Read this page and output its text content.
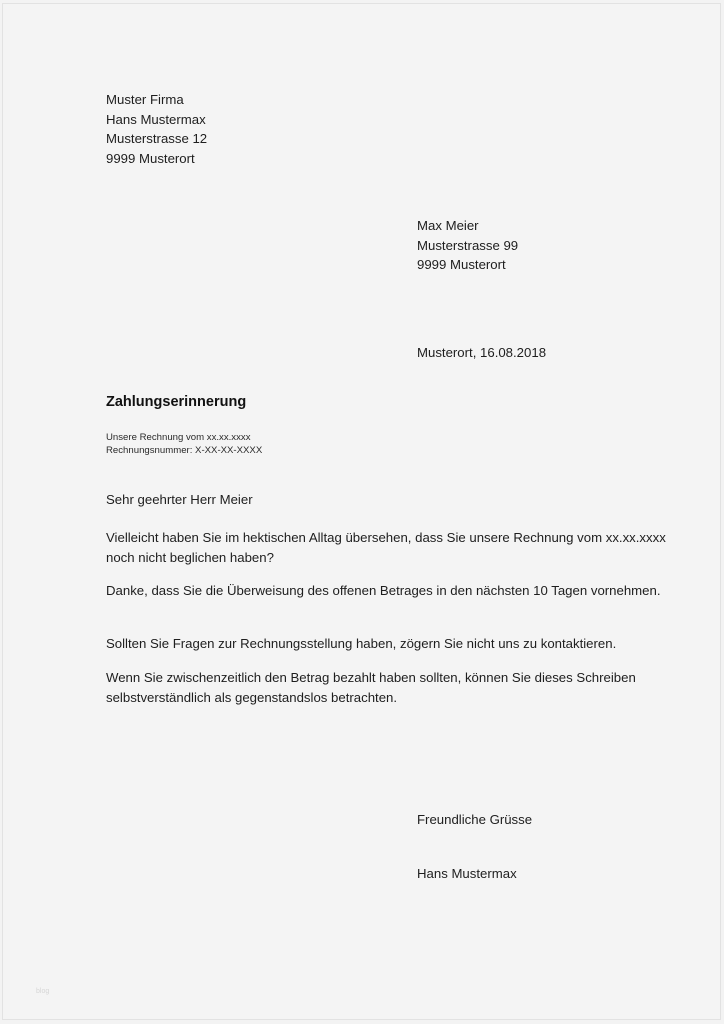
Muster Firma
Hans Mustermax
Musterstrasse 12
9999 Musterort
Max Meier
Musterstrasse 99
9999 Musterort
Musterort, 16.08.2018
Zahlungserinnerung
Unsere Rechnung vom xx.xx.xxxx
Rechnungsnummer: X-XX-XX-XXXX
Sehr geehrter Herr Meier
Vielleicht haben Sie im hektischen Alltag übersehen, dass Sie unsere Rechnung vom xx.xx.xxxx noch nicht beglichen haben?
Danke, dass Sie die Überweisung des offenen Betrages in den nächsten 10 Tagen vornehmen.
Sollten Sie Fragen zur Rechnungsstellung haben, zögern Sie nicht uns zu kontaktieren.
Wenn Sie zwischenzeitlich den Betrag bezahlt haben sollten, können Sie dieses Schreiben selbstverständlich als gegenstandslos betrachten.
Freundliche Grüsse
Hans Mustermax
blog
